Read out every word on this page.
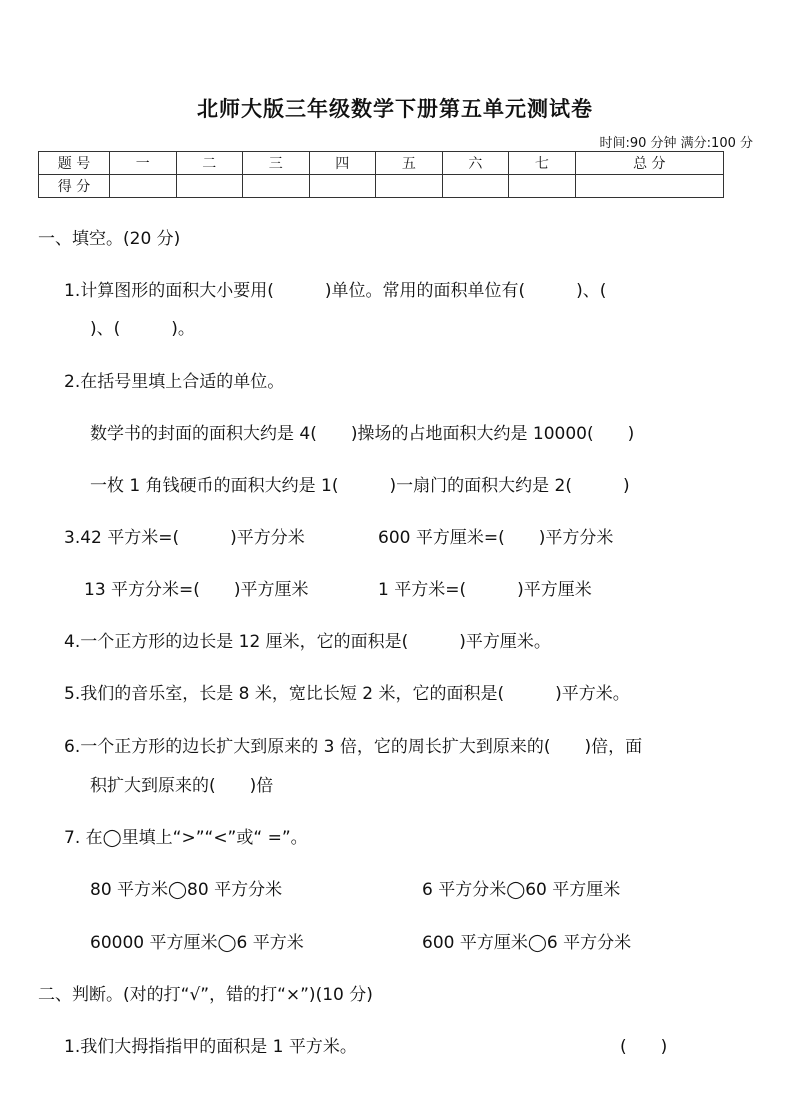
北师大版三年级数学下册第五单元测试卷
时间:90 分钟 满分:100 分
题 号	一	二	三	四	五	六	七	总 分
得 分								
一、填空。(20 分)
1.计算图形的面积大小要用(　　　)单位。常用的面积单位有(　　　)、(
)、(　　　)。
2.在括号里填上合适的单位。
数学书的封面的面积大约是 4(　　)操场的占地面积大约是 10000(　　)
一枚 1 角钱硬币的面积大约是 1(　　　)一扇门的面积大约是 2(　　　)
3.42 平方米=(　　　)平方分米	600 平方厘米=(　　)平方分米
13 平方分米=(　　)平方厘米	1 平方米=(　　　)平方厘米
4.一个正方形的边长是 12 厘米，它的面积是(　　　)平方厘米。
5.我们的音乐室，长是 8 米，宽比长短 2 米，它的面积是(　　　)平方米。
6.一个正方形的边长扩大到原来的 3 倍，它的周长扩大到原来的(　　)倍，面
积扩大到原来的(　　)倍
7. 在◯里填上“>”“<”或“ =”。
80 平方米◯80 平方分米	6 平方分米◯60 平方厘米
60000 平方厘米◯6 平方米	600 平方厘米◯6 平方分米
二、判断。(对的打“√”，错的打“×”)(10 分)
1.我们大拇指指甲的面积是 1 平方米。	(　　)
